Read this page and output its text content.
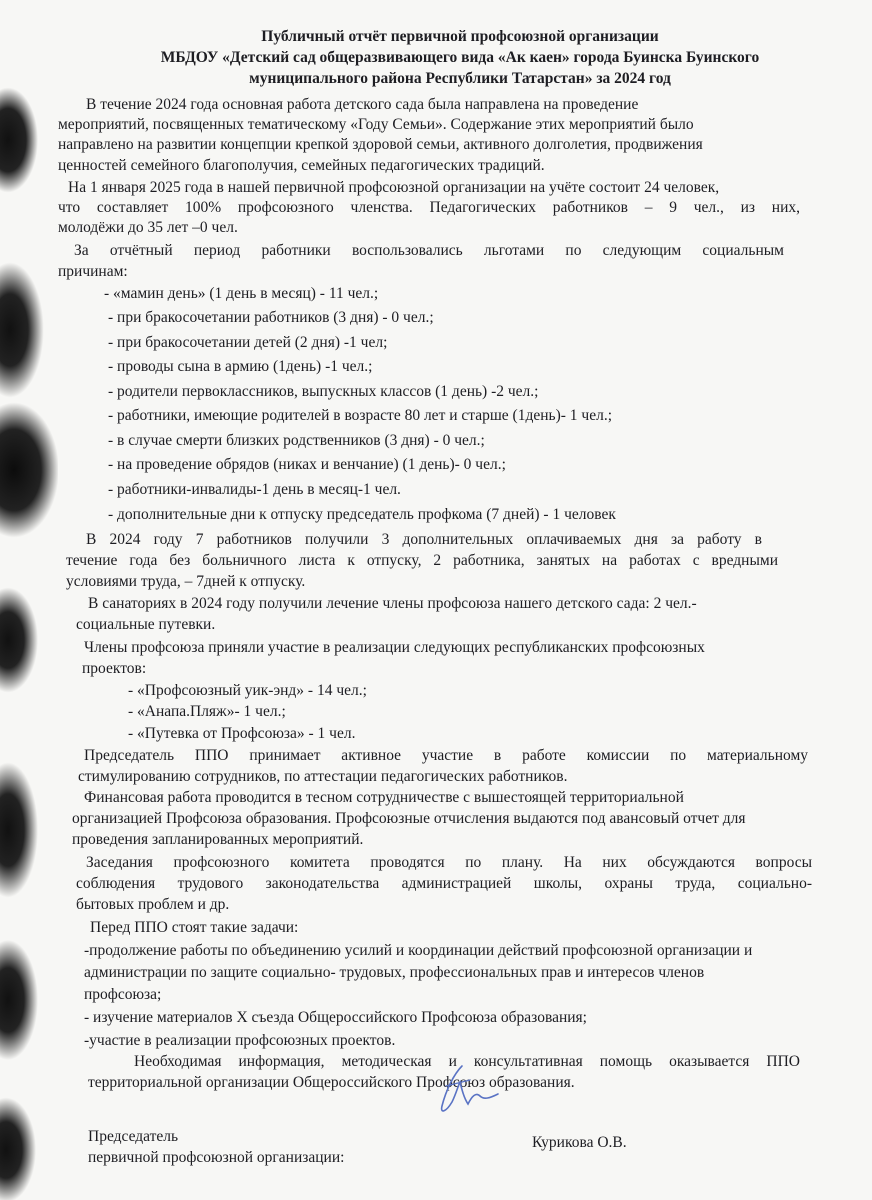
Публичный отчёт первичной профсоюзной организации
МБДОУ «Детский сад общеразвивающего вида «Ак каен» города Буинска Буинского
муниципального района Республики Татарстан» за 2024 год
В течение 2024 года основная работа детского сада была направлена на проведение
мероприятий, посвященных тематическому «Году Семьи». Содержание этих мероприятий было
направлено на развитии концепции крепкой здоровой семьи, активного долголетия, продвижения
ценностей семейного благополучия, семейных педагогических традиций.
На 1 января 2025 года в нашей первичной профсоюзной организации на учёте состоит 24 человек,
что составляет 100% профсоюзного членства. Педагогических работников – 9 чел., из них,
молодёжи до 35 лет –0 чел.
За отчётный период работники воспользовались льготами по следующим социальным
причинам:
- «мамин день» (1 день в месяц) - 11 чел.;
- при бракосочетании работников (3 дня) - 0 чел.;
- при бракосочетании детей (2 дня) -1 чел;
- проводы сына в армию (1день) -1 чел.;
- родители первоклассников, выпускных классов (1 день) -2 чел.;
- работники, имеющие родителей в возрасте 80 лет и старше (1день)- 1 чел.;
- в случае смерти близких родственников (3 дня) - 0 чел.;
- на проведение обрядов (никах и венчание) (1 день)- 0 чел.;
- работники-инвалиды-1 день в месяц-1 чел.
- дополнительные дни к отпуску председатель профкома (7 дней) - 1 человек
В 2024 году 7 работников получили 3 дополнительных оплачиваемых дня за работу в
течение года без больничного листа к отпуску, 2 работника, занятых на работах с вредными
условиями труда, – 7дней к отпуску.
В санаториях в 2024 году получили лечение члены профсоюза нашего детского сада: 2 чел.-
социальные путевки.
Члены профсоюза приняли участие в реализации следующих республиканских профсоюзных
проектов:
- «Профсоюзный уик-энд» - 14 чел.;
- «Анапа.Пляж»- 1 чел.;
- «Путевка от Профсоюза» - 1 чел.
Председатель ППО принимает активное участие в работе комиссии по материальному
стимулированию сотрудников, по аттестации педагогических работников.
Финансовая работа проводится в тесном сотрудничестве с вышестоящей территориальной
организацией Профсоюза образования. Профсоюзные отчисления выдаются под авансовый отчет для
проведения запланированных мероприятий.
Заседания профсоюзного комитета проводятся по плану. На них обсуждаются вопросы
соблюдения трудового законодательства администрацией школы, охраны труда, социально-
бытовых проблем и др.
Перед ППО стоят такие задачи:
-продолжение работы по объединению усилий и координации действий профсоюзной организации и
администрации по защите социально- трудовых, профессиональных прав и интересов членов
профсоюза;
- изучение материалов X съезда Общероссийского Профсоюза образования;
-участие в реализации профсоюзных проектов.
Необходимая информация, методическая и консультативная помощь оказывается ППО
территориальной организации Общероссийского Профсоюз образования.
Председатель
первичной профсоюзной организации:
Курикова О.В.
